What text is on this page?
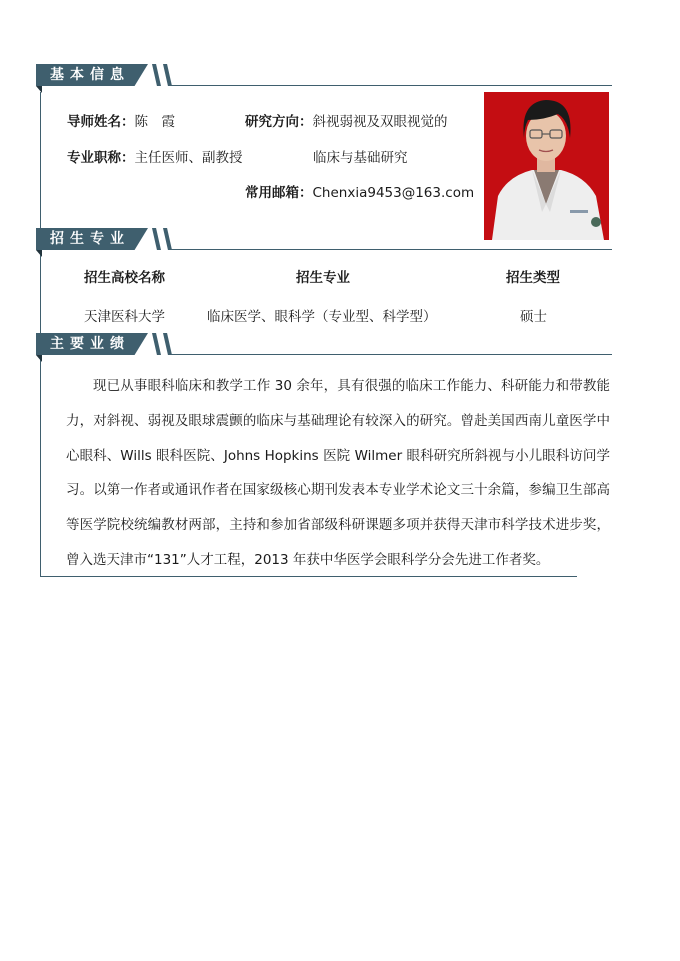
基本信息
导师姓名：陈　霞
专业职称：主任医师、副教授
研究方向：斜视弱视及双眼视觉的
临床与基础研究
常用邮箱：Chenxia9453@163.com
招生专业
招生高校名称	招生专业	招生类型
天津医科大学	临床医学、眼科学（专业型、科学型）	硕士
主要业绩
现已从事眼科临床和教学工作 30 余年，具有很强的临床工作能力、科研能力和带教能力，对斜视、弱视及眼球震颤的临床与基础理论有较深入的研究。曾赴美国西南儿童医学中心眼科、Wills 眼科医院、Johns Hopkins 医院 Wilmer 眼科研究所斜视与小儿眼科访问学习。以第一作者或通讯作者在国家级核心期刊发表本专业学术论文三十余篇，参编卫生部高等医学院校统编教材两部，主持和参加省部级科研课题多项并获得天津市科学技术进步奖，曾入选天津市“131”人才工程，2013 年获中华医学会眼科学分会先进工作者奖。
